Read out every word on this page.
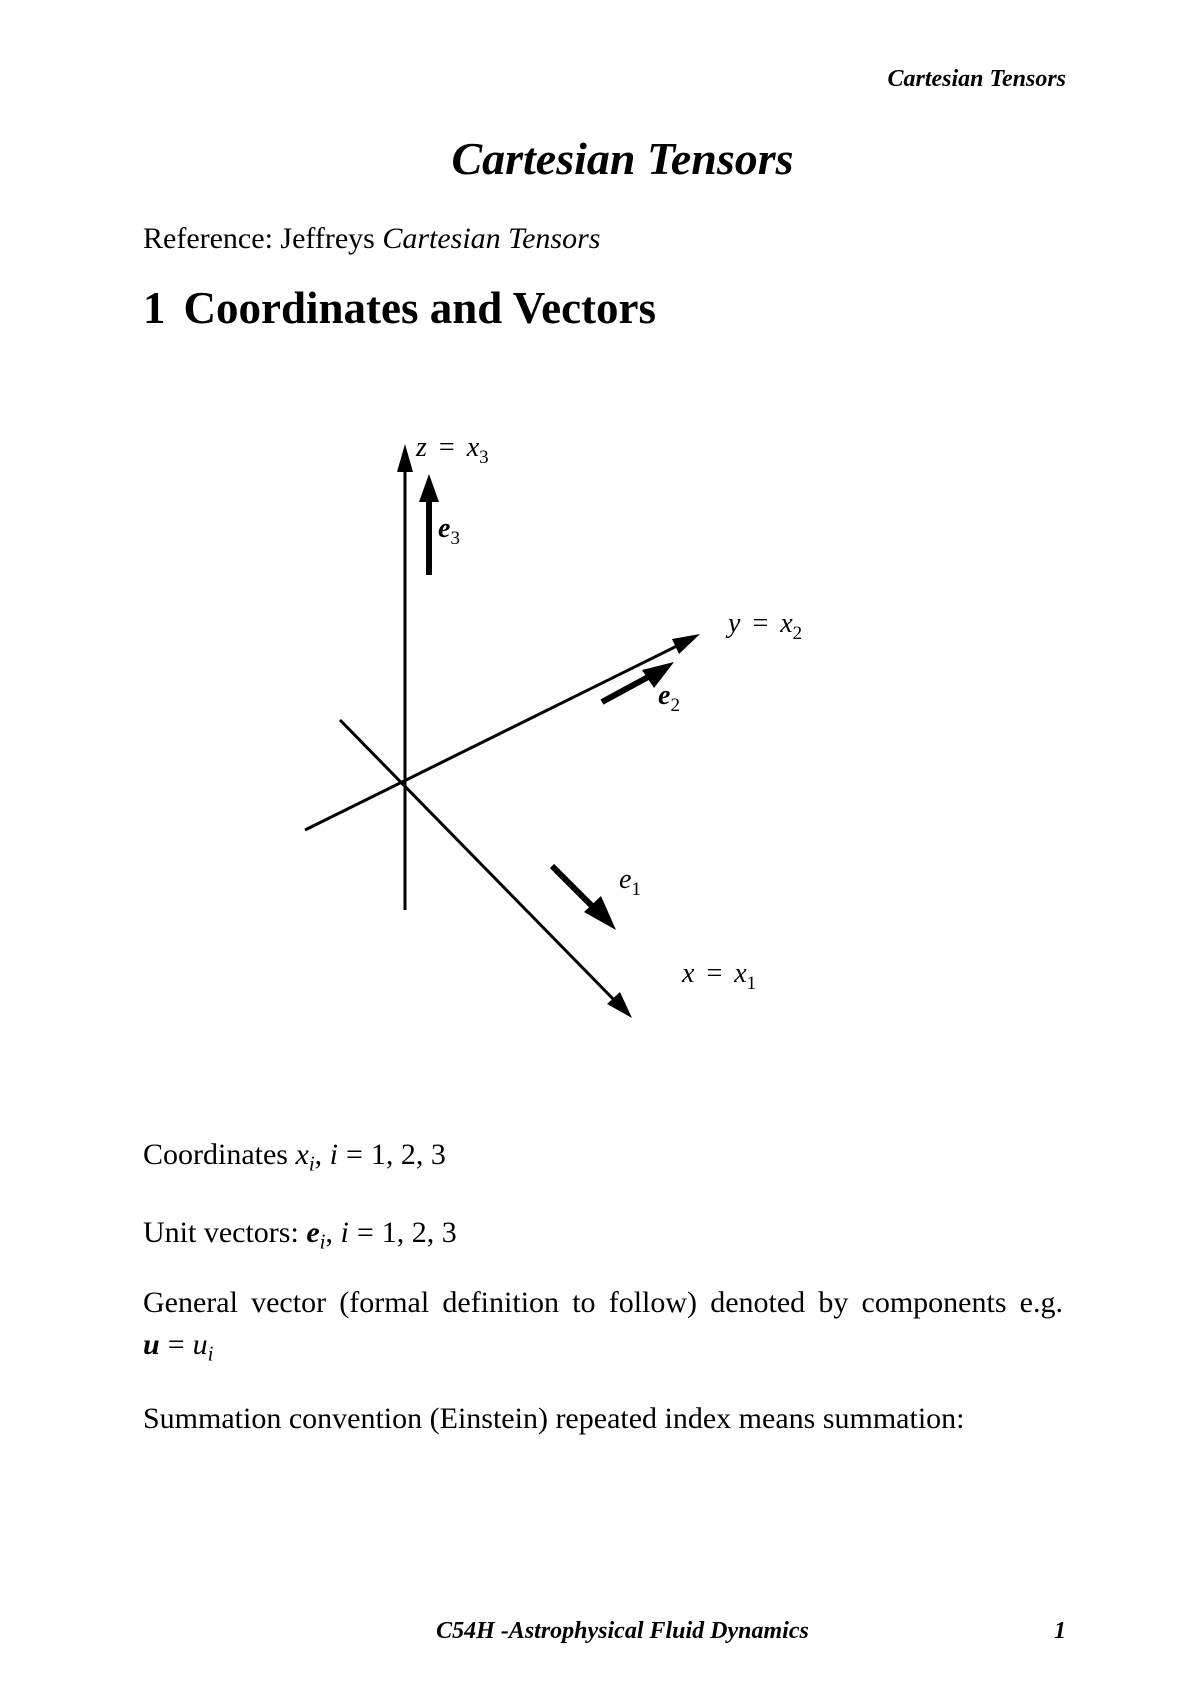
Cartesian Tensors
Cartesian Tensors
Reference: Jeffreys Cartesian Tensors
1 Coordinates and Vectors
$z = x_3$
$e_3$
$y = x_2$
$e_2$
$e_1$
$x = x_1$
Coordinates $x_i$, i = 1, 2, 3
Unit vectors: $e_i$, i = 1, 2, 3
General vector (formal definition to follow) denoted by components e.g. $u = u_i$
Summation convention (Einstein) repeated index means summation:
C54H -Astrophysical Fluid Dynamics	1
